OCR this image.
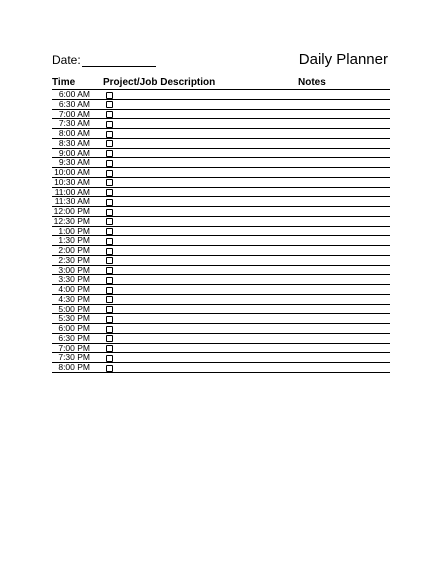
Date:	Daily Planner
Time	Project/Job Description	Notes
6:00 AM
6:30 AM
7:00 AM
7:30 AM
8:00 AM
8:30 AM
9:00 AM
9:30 AM
10:00 AM
10:30 AM
11:00 AM
11:30 AM
12:00 PM
12:30 PM
1:00 PM
1:30 PM
2:00 PM
2:30 PM
3:00 PM
3:30 PM
4:00 PM
4:30 PM
5:00 PM
5:30 PM
6:00 PM
6:30 PM
7:00 PM
7:30 PM
8:00 PM
